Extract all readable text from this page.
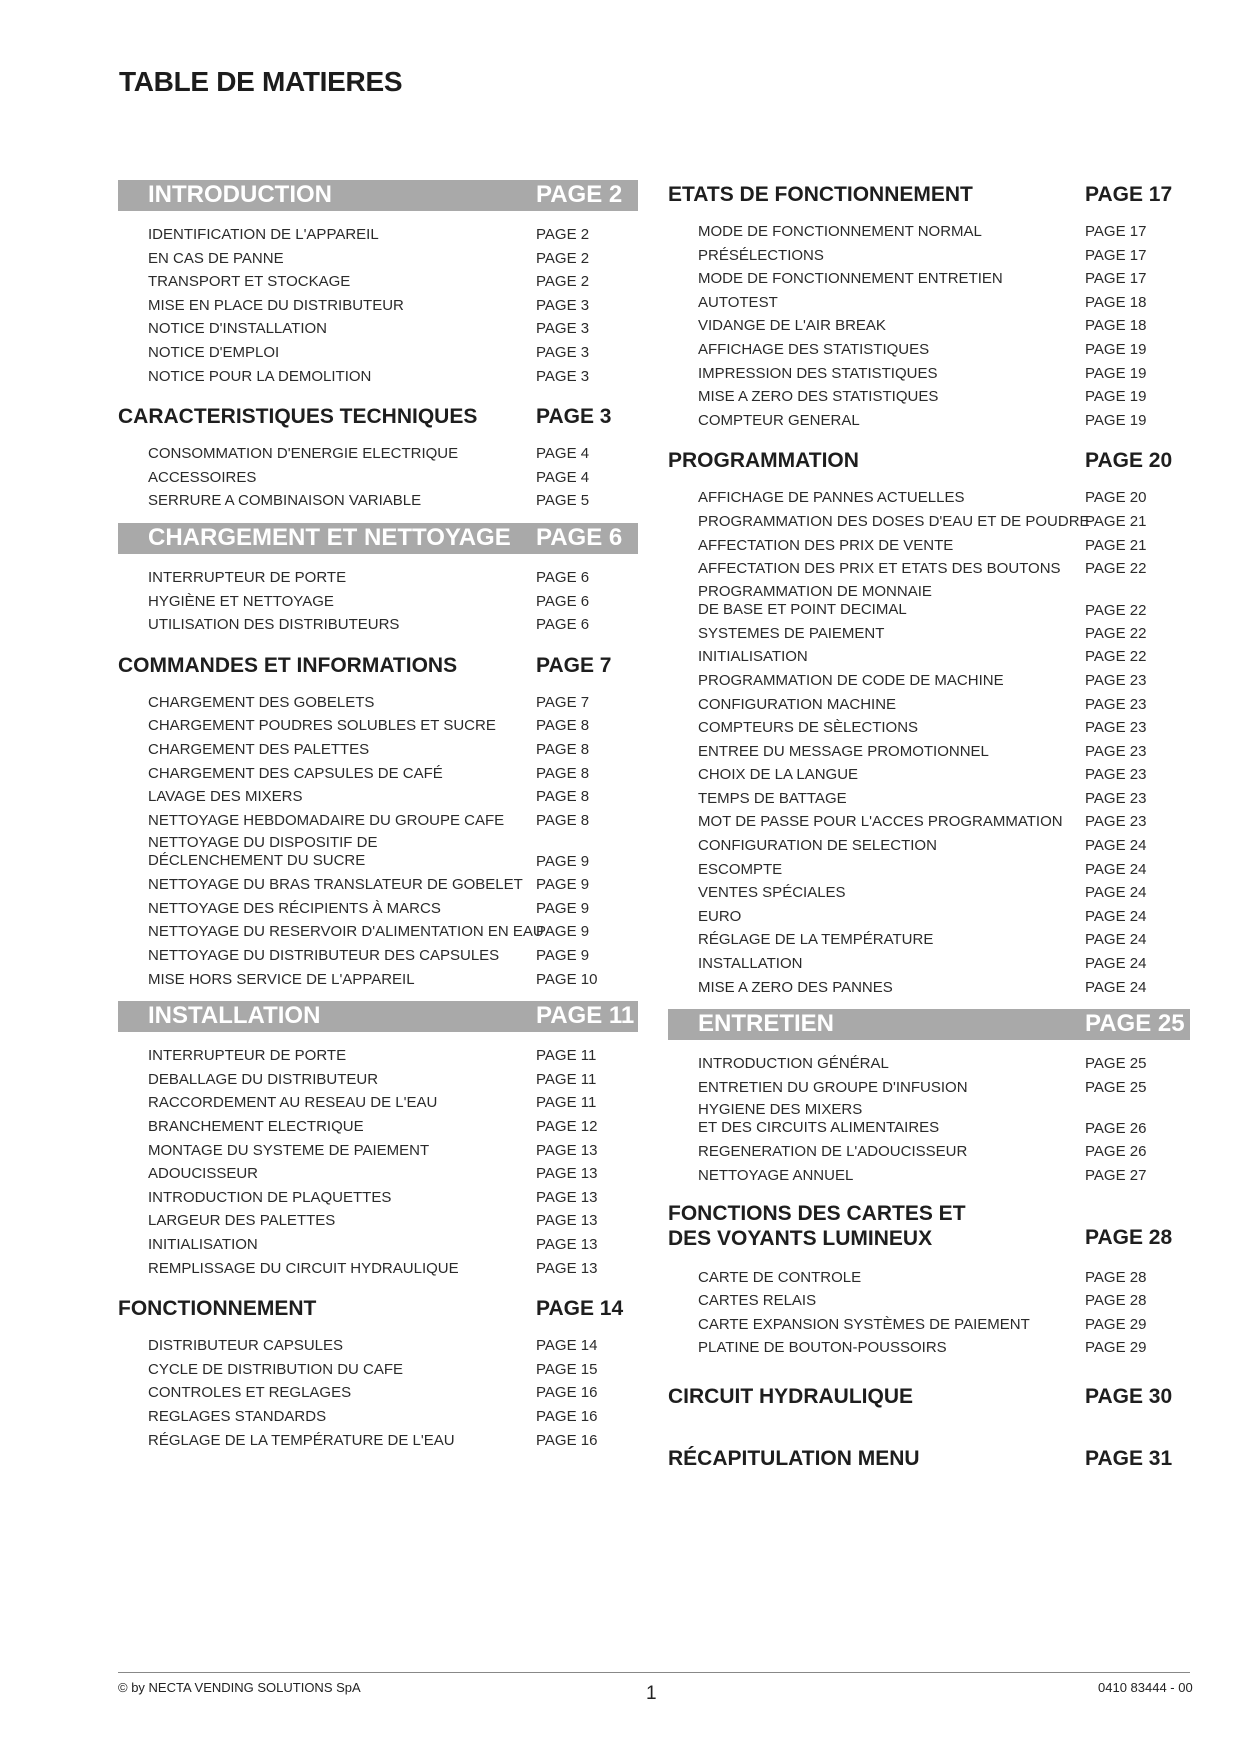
TABLE DE MATIERES
INTRODUCTION	PAGE 2
IDENTIFICATION DE L'APPAREIL	PAGE 2
EN CAS DE PANNE	PAGE 2
TRANSPORT ET STOCKAGE	PAGE 2
MISE EN PLACE DU DISTRIBUTEUR	PAGE 3
NOTICE D'INSTALLATION	PAGE 3
NOTICE D'EMPLOI	PAGE 3
NOTICE POUR LA DEMOLITION	PAGE 3
CARACTERISTIQUES TECHNIQUES	PAGE 3
CONSOMMATION D'ENERGIE ELECTRIQUE	PAGE 4
ACCESSOIRES	PAGE 4
SERRURE A COMBINAISON VARIABLE	PAGE 5
CHARGEMENT ET NETTOYAGE PAGE 6
INTERRUPTEUR DE PORTE	PAGE 6
HYGIÈNE ET NETTOYAGE	PAGE 6
UTILISATION DES DISTRIBUTEURS	PAGE 6
COMMANDES ET INFORMATIONS	PAGE 7
CHARGEMENT DES GOBELETS	PAGE 7
CHARGEMENT POUDRES SOLUBLES ET SUCRE	PAGE 8
CHARGEMENT DES PALETTES	PAGE 8
CHARGEMENT DES CAPSULES DE CAFÉ	PAGE 8
LAVAGE DES MIXERS	PAGE 8
NETTOYAGE HEBDOMADAIRE DU GROUPE CAFE PAGE 8
NETTOYAGE DU DISPOSITIF DE
DÉCLENCHEMENT DU SUCRE	PAGE 9
NETTOYAGE DU BRAS TRANSLATEUR DE GOBELET PAGE 9
NETTOYAGE DES RÉCIPIENTS À MARCS	PAGE 9
NETTOYAGE DU RESERVOIR D'ALIMENTATION EN EAU
PAGE 9
NETTOYAGE DU DISTRIBUTEUR DES CAPSULES PAGE 9
MISE HORS SERVICE DE L'APPAREIL	PAGE 10
INSTALLATION	PAGE 11
INTERRUPTEUR DE PORTE	PAGE 11
DEBALLAGE DU DISTRIBUTEUR	PAGE 11
RACCORDEMENT AU RESEAU DE L'EAU	PAGE 11
BRANCHEMENT ELECTRIQUE	PAGE 12
MONTAGE DU SYSTEME DE PAIEMENT	PAGE 13
ADOUCISSEUR	PAGE 13
INTRODUCTION DE PLAQUETTES	PAGE 13
LARGEUR DES PALETTES	PAGE 13
INITIALISATION	PAGE 13
REMPLISSAGE DU CIRCUIT HYDRAULIQUE	PAGE 13
FONCTIONNEMENT	PAGE 14
DISTRIBUTEUR CAPSULES	PAGE 14
CYCLE DE DISTRIBUTION DU CAFE	PAGE 15
CONTROLES ET REGLAGES	PAGE 16
REGLAGES STANDARDS	PAGE 16
RÉGLAGE DE LA TEMPÉRATURE DE L'EAU	PAGE 16
ETATS DE FONCTIONNEMENT	PAGE 17
MODE DE FONCTIONNEMENT NORMAL	PAGE 17
PRÉSÉLECTIONS	PAGE 17
MODE DE FONCTIONNEMENT ENTRETIEN	PAGE 17
AUTOTEST	PAGE 18
VIDANGE DE L'AIR BREAK	PAGE 18
AFFICHAGE DES STATISTIQUES	PAGE 19
IMPRESSION DES STATISTIQUES	PAGE 19
MISE A ZERO DES STATISTIQUES	PAGE 19
COMPTEUR GENERAL	PAGE 19
PROGRAMMATION	PAGE 20
AFFICHAGE DE PANNES ACTUELLES	PAGE 20
PROGRAMMATION DES DOSES D'EAU ET DE POUDRE
PAGE 21
AFFECTATION DES PRIX DE VENTE	PAGE 21
AFFECTATION DES PRIX ET ETATS DES BOUTONS PAGE 22
PROGRAMMATION DE MONNAIE
DE BASE ET POINT DECIMAL	PAGE 22
SYSTEMES DE PAIEMENT	PAGE 22
INITIALISATION	PAGE 22
PROGRAMMATION DE CODE DE MACHINE	PAGE 23
CONFIGURATION MACHINE	PAGE 23
COMPTEURS DE SÈLECTIONS	PAGE 23
ENTREE DU MESSAGE PROMOTIONNEL	PAGE 23
CHOIX DE LA LANGUE	PAGE 23
TEMPS DE BATTAGE	PAGE 23
MOT DE PASSE POUR L'ACCES PROGRAMMATION PAGE 23
CONFIGURATION DE SELECTION	PAGE 24
ESCOMPTE	PAGE 24
VENTES SPÉCIALES	PAGE 24
EURO	PAGE 24
RÉGLAGE DE LA TEMPÉRATURE	PAGE 24
INSTALLATION	PAGE 24
MISE A ZERO DES PANNES	PAGE 24
ENTRETIEN	PAGE 25
INTRODUCTION GÉNÉRAL	PAGE 25
ENTRETIEN DU GROUPE D'INFUSION	PAGE 25
HYGIENE DES MIXERS
ET DES CIRCUITS ALIMENTAIRES	PAGE 26
REGENERATION DE L'ADOUCISSEUR	PAGE 26
NETTOYAGE ANNUEL	PAGE 27
FONCTIONS DES CARTES ET
DES VOYANTS LUMINEUX	PAGE 28
CARTE DE CONTROLE	PAGE 28
CARTES RELAIS	PAGE 28
CARTE EXPANSION SYSTÈMES DE PAIEMENT	PAGE 29
PLATINE DE BOUTON-POUSSOIRS	PAGE 29
CIRCUIT HYDRAULIQUE	PAGE 30
RÉCAPITULATION MENU	PAGE 31
© by NECTA VENDING SOLUTIONS SpA	1	0410 83444 - 00
